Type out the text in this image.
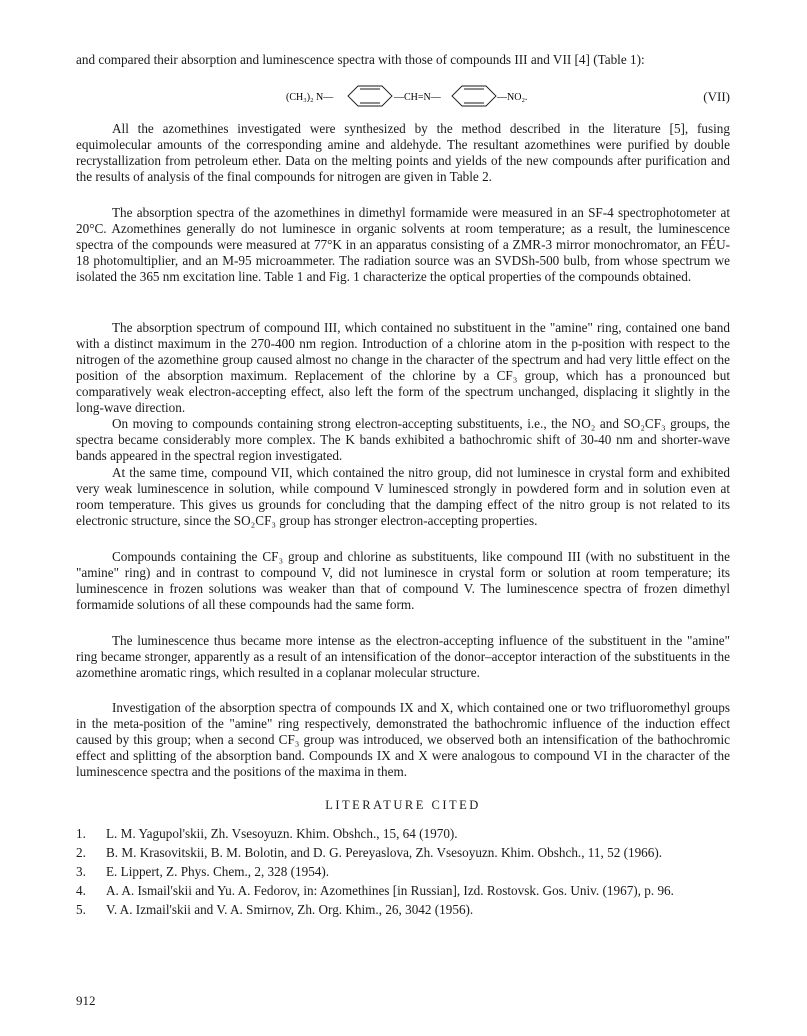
and compared their absorption and luminescence spectra with those of compounds III and VII [4] (Table 1):

(CH₃)₂ N—	—CH=N—	—NO₂.	(VII)

All the azomethines investigated were synthesized by the method described in the literature [5], fusing equimolecular amounts of the corresponding amine and aldehyde. The resultant azomethines were purified by double recrystallization from petroleum ether. Data on the melting points and yields of the new compounds after purification and the results of analysis of the final compounds for nitrogen are given in Table 2.

The absorption spectra of the azomethines in dimethyl formamide were measured in an SF-4 spectrophotometer at 20°C. Azomethines generally do not luminesce in organic solvents at room temperature; as a result, the luminescence spectra of the compounds were measured at 77°K in an apparatus consisting of a ZMR-3 mirror monochromator, an FÉU-18 photomultiplier, and an M-95 microammeter. The radiation source was an SVDSh-500 bulb, from whose spectrum we isolated the 365 nm excitation line. Table 1 and Fig. 1 characterize the optical properties of the compounds obtained.

The absorption spectrum of compound III, which contained no substituent in the "amine" ring, contained one band with a distinct maximum in the 270-400 nm region. Introduction of a chlorine atom in the p-position with respect to the nitrogen of the azomethine group caused almost no change in the character of the spectrum and had very little effect on the position of the absorption maximum. Replacement of the chlorine by a CF₃ group, which has a pronounced but comparatively weak electron-accepting effect, also left the form of the spectrum unchanged, displacing it slightly in the long-wave direction.

On moving to compounds containing strong electron-accepting substituents, i.e., the NO₂ and SO₂CF₃ groups, the spectra became considerably more complex. The K bands exhibited a bathochromic shift of 30-40 nm and shorter-wave bands appeared in the spectral region investigated.

At the same time, compound VII, which contained the nitro group, did not luminesce in crystal form and exhibited very weak luminescence in solution, while compound V luminesced strongly in powdered form and in solution even at room temperature. This gives us grounds for concluding that the damping effect of the nitro group is not related to its electronic structure, since the SO₂CF₃ group has stronger electron-accepting properties.

Compounds containing the CF₃ group and chlorine as substituents, like compound III (with no substituent in the "amine" ring) and in contrast to compound V, did not luminesce in crystal form or solution at room temperature; its luminescence in frozen solutions was weaker than that of compound V. The luminescence spectra of frozen dimethyl formamide solutions of all these compounds had the same form.

The luminescence thus became more intense as the electron-accepting influence of the substituent in the "amine" ring became stronger, apparently as a result of an intensification of the donor–acceptor interaction of the substituents in the azomethine aromatic rings, which resulted in a coplanar molecular structure.

Investigation of the absorption spectra of compounds IX and X, which contained one or two trifluoromethyl groups in the meta-position of the "amine" ring respectively, demonstrated the bathochromic influence of the induction effect caused by this group; when a second CF₃ group was introduced, we observed both an intensification of the bathochromic effect and splitting of the absorption band. Compounds IX and X were analogous to compound VI in the character of the luminescence spectra and the positions of the maxima in them.

LITERATURE CITED
1. L. M. Yagupol'skii, Zh. Vsesoyuzn. Khim. Obshch., 15, 64 (1970).
2. B. M. Krasovitskii, B. M. Bolotin, and D. G. Pereyaslova, Zh. Vsesoyuzn. Khim. Obshch., 11, 52 (1966).
3. E. Lippert, Z. Phys. Chem., 2, 328 (1954).
4. A. A. Ismail'skii and Yu. A. Fedorov, in: Azomethines [in Russian], Izd. Rostovsk. Gos. Univ. (1967), p. 96.
5. V. A. Izmail'skii and V. A. Smirnov, Zh. Org. Khim., 26, 3042 (1956).
912
